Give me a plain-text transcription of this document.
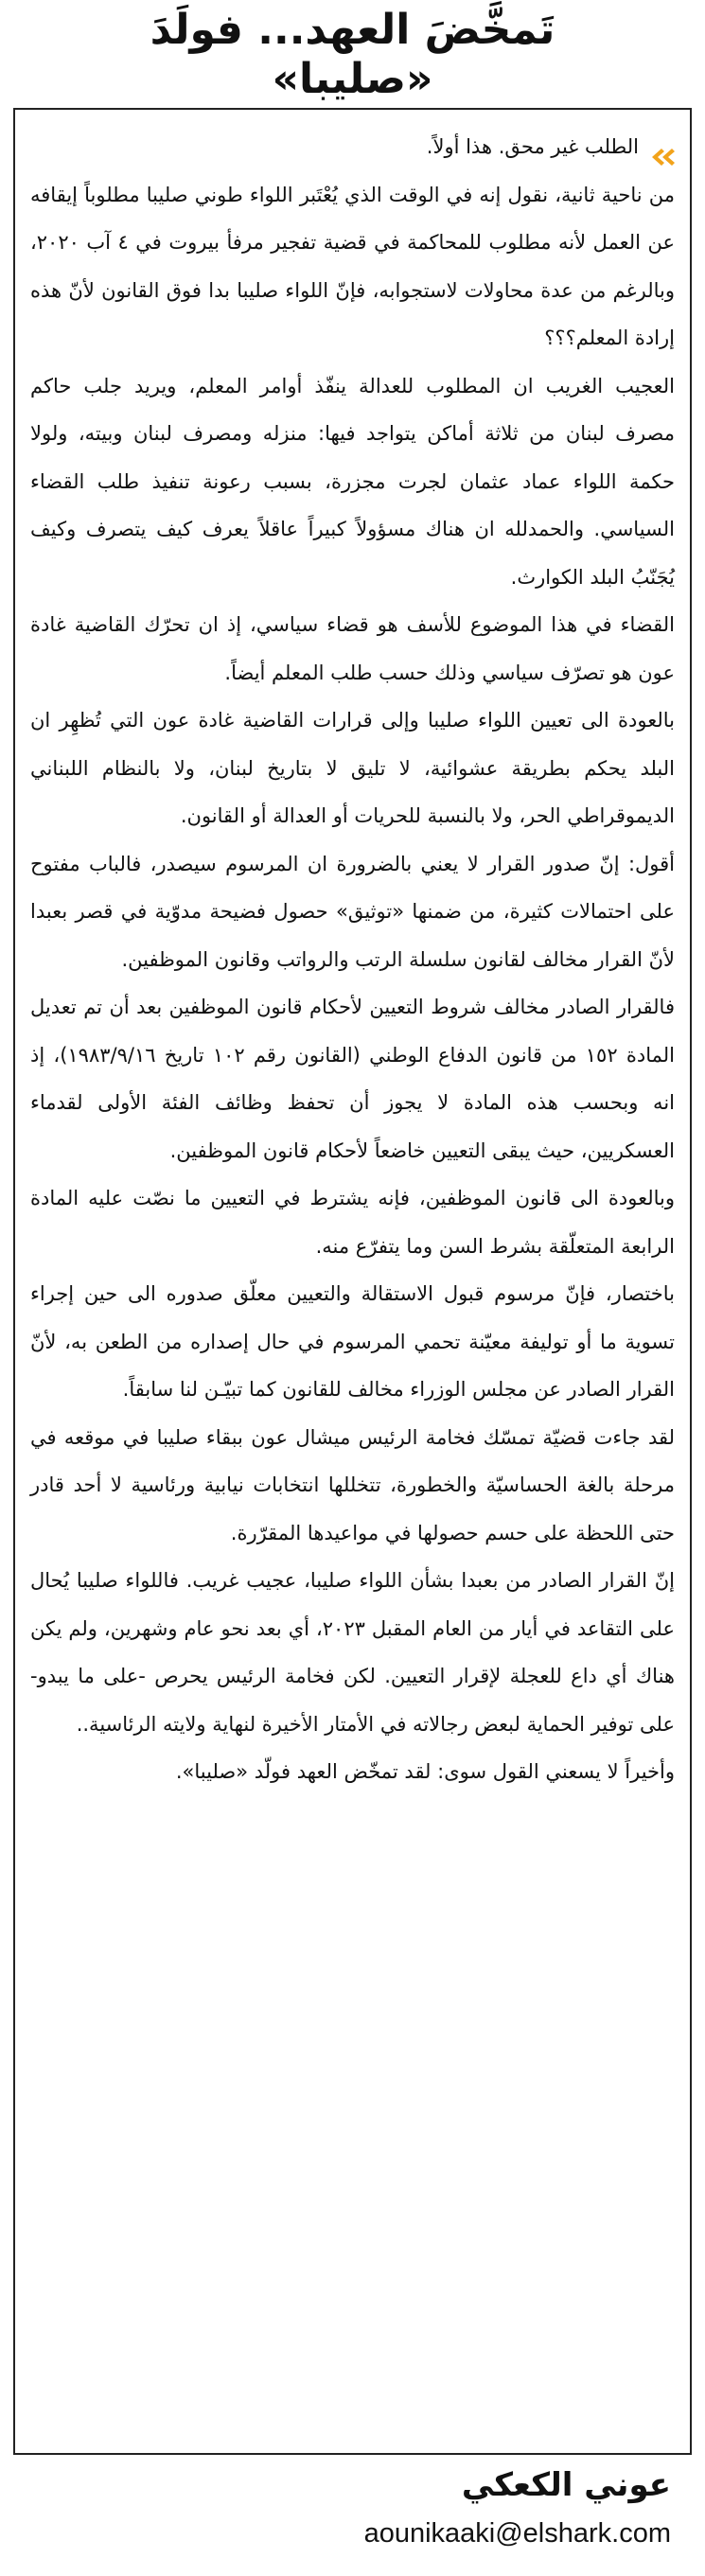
تَمخَّضَ العهد... فولَدَ
«صليبا»

الطلب غير محق. هذا أولاً.

من ناحية ثانية، نقول إنه في الوقت الذي يُعْتَبر اللواء طوني صليبا مطلوباً إيقافه عن العمل لأنه مطلوب للمحاكمة في قضية تفجير مرفأ بيروت في ٤ آب ٢٠٢٠، وبالرغم من عدة محاولات لاستجوابه، فإنّ اللواء صليبا بدا فوق القانون لأنّ هذه إرادة المعلم؟؟؟

العجيب الغريب ان المطلوب للعدالة ينفّذ أوامر المعلم، ويريد جلب حاكم مصرف لبنان من ثلاثة أماكن يتواجد فيها: منزله ومصرف لبنان وبيته، ولولا حكمة اللواء عماد عثمان لجرت مجزرة، بسبب رعونة تنفيذ طلب القضاء السياسي. والحمدلله ان هناك مسؤولاً كبيراً عاقلاً يعرف كيف يتصرف وكيف يُجَنّبُ البلد الكوارث.

القضاء في هذا الموضوع للأسف هو قضاء سياسي، إذ ان تحرّك القاضية غادة عون هو تصرّف سياسي وذلك حسب طلب المعلم أيضاً.

بالعودة الى تعيين اللواء صليبا وإلى قرارات القاضية غادة عون التي تُظهِر ان البلد يحكم بطريقة عشوائية، لا تليق لا بتاريخ لبنان، ولا بالنظام اللبناني الديموقراطي الحر، ولا بالنسبة للحريات أو العدالة أو القانون.

أقول: إنّ صدور القرار لا يعني بالضرورة ان المرسوم سيصدر، فالباب مفتوح على احتمالات كثيرة، من ضمنها «توثيق» حصول فضيحة مدوّية في قصر بعبدا لأنّ القرار مخالف لقانون سلسلة الرتب والرواتب وقانون الموظفين.

فالقرار الصادر مخالف شروط التعيين لأحكام قانون الموظفين بعد أن تم تعديل المادة ١٥٢ من قانون الدفاع الوطني (القانون رقم ١٠٢ تاريخ ١٩٨٣/٩/١٦)، إذ انه وبحسب هذه المادة لا يجوز أن تحفظ وظائف الفئة الأولى لقدماء العسكريين، حيث يبقى التعيين خاضعاً لأحكام قانون الموظفين.

وبالعودة الى قانون الموظفين، فإنه يشترط في التعيين ما نصّت عليه المادة الرابعة المتعلّقة بشرط السن وما يتفرّع منه.

باختصار، فإنّ مرسوم قبول الاستقالة والتعيين معلّق صدوره الى حين إجراء تسوية ما أو توليفة معيّنة تحمي المرسوم في حال إصداره من الطعن به، لأنّ القرار الصادر عن مجلس الوزراء مخالف للقانون كما تبيّـن لنا سابقاً.

لقد جاءت قضيّة تمسّك فخامة الرئيس ميشال عون ببقاء صليبا في موقعه في مرحلة بالغة الحساسيّة والخطورة، تتخللها انتخابات نيابية ورئاسية لا أحد قادر حتى اللحظة على حسم حصولها في مواعيدها المقرّرة.

إنّ القرار الصادر من بعبدا بشأن اللواء صليبا، عجيب غريب. فاللواء صليبا يُحال على التقاعد في أيار من العام المقبل ٢٠٢٣، أي بعد نحو عام وشهرين، ولم يكن هناك أي داع للعجلة لإقرار التعيين. لكن فخامة الرئيس يحرص -على ما يبدو- على توفير الحماية لبعض رجالاته في الأمتار الأخيرة لنهاية ولايته الرئاسية..

وأخيراً لا يسعني القول سوى: لقد تمخّض العهد فولّد «صليبا».

عوني الكعكي

aounikaaki@elshark.com
